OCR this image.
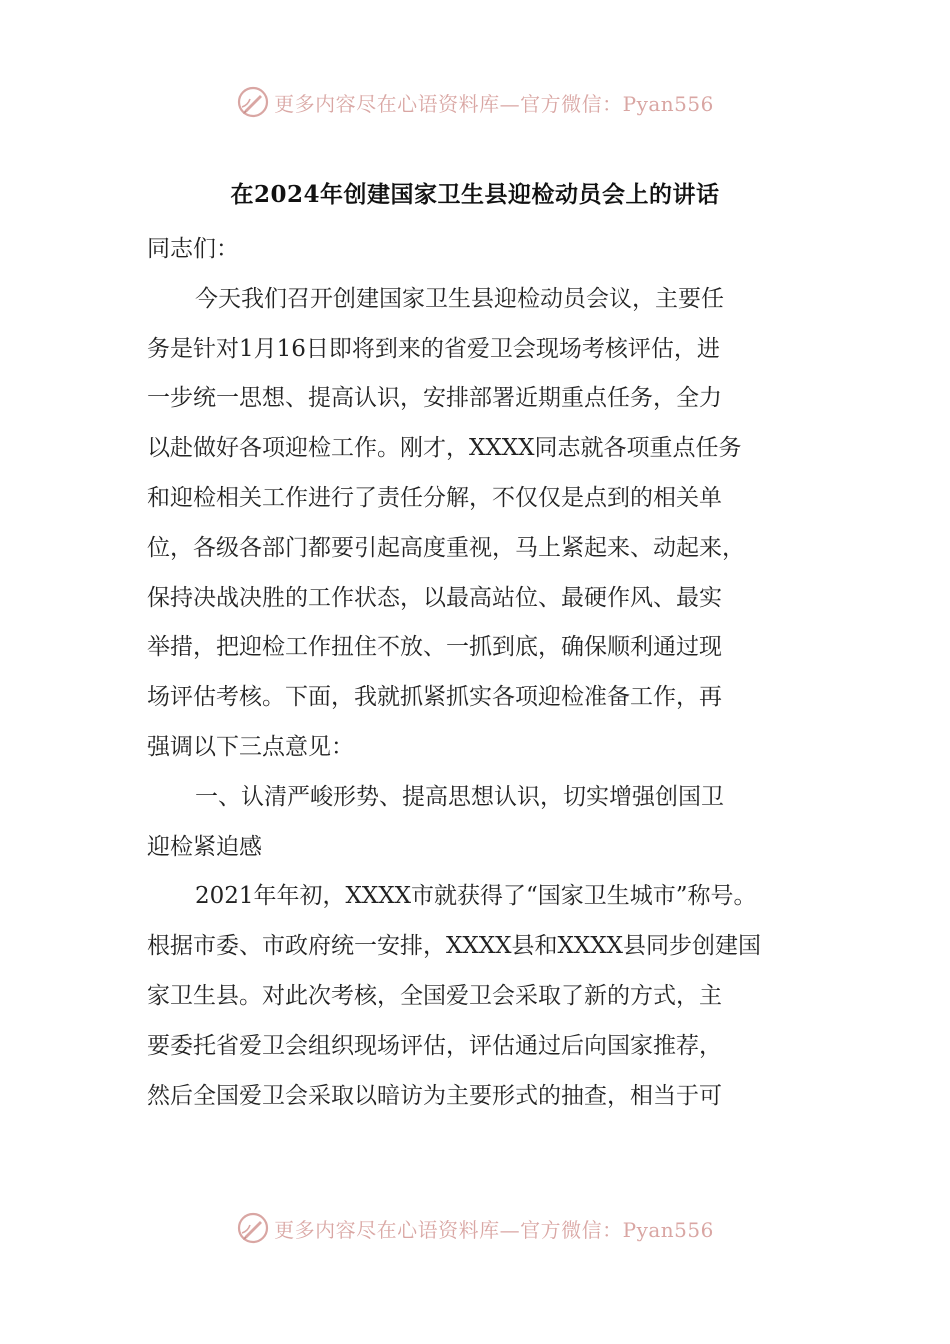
更多内容尽在心语资料库—官方微信：Pyan556
在2024年创建国家卫生县迎检动员会上的讲话
同志们：
今天我们召开创建国家卫生县迎检动员会议，主要任
务是针对1月16日即将到来的省爱卫会现场考核评估，进
一步统一思想、提高认识，安排部署近期重点任务，全力
以赴做好各项迎检工作。刚才，XXXX同志就各项重点任务
和迎检相关工作进行了责任分解，不仅仅是点到的相关单
位，各级各部门都要引起高度重视，马上紧起来、动起来，
保持决战决胜的工作状态，以最高站位、最硬作风、最实
举措，把迎检工作扭住不放、一抓到底，确保顺利通过现
场评估考核。下面，我就抓紧抓实各项迎检准备工作，再
强调以下三点意见：
一、认清严峻形势、提高思想认识，切实增强创国卫
迎检紧迫感
2021年年初，XXXX市就获得了“国家卫生城市”称号。
根据市委、市政府统一安排，XXXX县和XXXX县同步创建国
家卫生县。对此次考核，全国爱卫会采取了新的方式，主
要委托省爱卫会组织现场评估，评估通过后向国家推荐，
然后全国爱卫会采取以暗访为主要形式的抽查，相当于可
更多内容尽在心语资料库—官方微信：Pyan556
